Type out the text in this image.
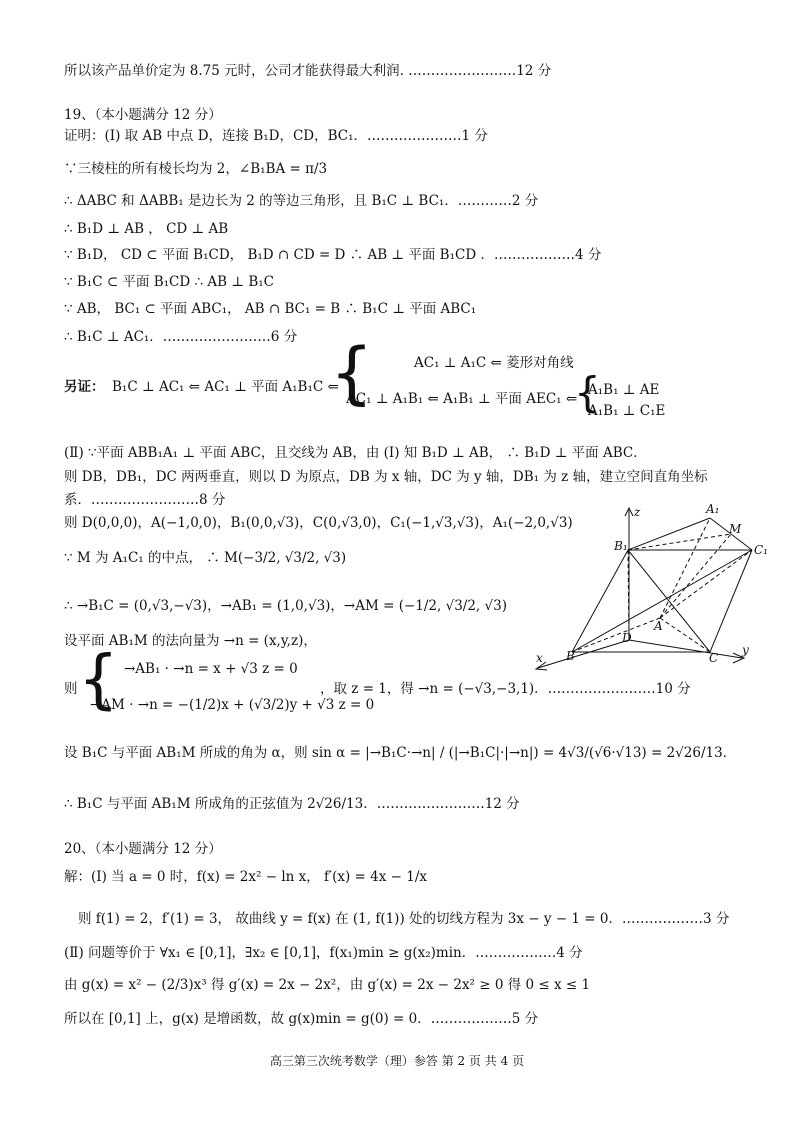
所以该产品单价定为 8.75 元时，公司才能获得最大利润. ……………………12 分
19、（本小题满分 12 分）
证明：(Ⅰ) 取 AB 中点 D，连接 B₁D，CD，BC₁．…………………1 分
∵三棱柱的所有棱长均为 2，∠B₁BA = π/3
∴ ΔABC 和 ΔABB₁ 是边长为 2 的等边三角形，且 B₁C ⊥ BC₁．…………2 分
∴ B₁D ⊥ AB ， CD ⊥ AB
∵ B₁D， CD ⊂ 平面 B₁CD， B₁D ∩ CD = D ∴ AB ⊥ 平面 B₁CD ．………………4 分
∵ B₁C ⊂ 平面 B₁CD ∴ AB ⊥ B₁C
∵ AB， BC₁ ⊂ 平面 ABC₁， AB ∩ BC₁ = B ∴ B₁C ⊥ 平面 ABC₁
∴ B₁C ⊥ AC₁．……………………6 分
另证： B₁C ⊥ AC₁ ⇐ AC₁ ⊥ 平面 A₁B₁C ⇐
{	AC₁ ⊥ A₁C ⇐ 菱形对角线
AC₁ ⊥ A₁B₁ ⇐ A₁B₁ ⊥ 平面 AEC₁ ⇐
{
A₁B₁ ⊥ AE
A₁B₁ ⊥ C₁E
(Ⅱ) ∵平面 ABB₁A₁ ⊥ 平面 ABC，且交线为 AB，由 (Ⅰ) 知 B₁D ⊥ AB， ∴ B₁D ⊥ 平面 ABC．
则 DB，DB₁，DC 两两垂直，则以 D 为原点，DB 为 x 轴，DC 为 y 轴，DB₁ 为 z 轴，建立空间直角坐标
系．……………………8 分
则 D(0,0,0)，A(−1,0,0)，B₁(0,0,√3)，C(0,√3,0)，C₁(−1,√3,√3)，A₁(−2,0,√3)
∵ M 为 A₁C₁ 的中点， ∴ M(−3/2, √3/2, √3)
∴ →B₁C = (0,√3,−√3)，→AB₁ = (1,0,√3)，→AM = (−1/2, √3/2, √3)
设平面 AB₁M 的法向量为 →n = (x,y,z)，
则 { →AB₁ · →n = x + √3 z = 0
→AM · →n = −(1/2)x + (√3/2)y + √3 z = 0
，取 z = 1，得 →n = (−√3,−3,1)．……………………10 分
设 B₁C 与平面 AB₁M 所成的角为 α，则 sin α = |→B₁C·→n| / (|→B₁C|·|→n|) = 4√3/(√6·√13) = 2√26/13．
∴ B₁C 与平面 AB₁M 所成角的正弦值为 2√26/13．……………………12 分
20、（本小题满分 12 分）
解：(Ⅰ) 当 a = 0 时，f(x) = 2x² − ln x， f′(x) = 4x − 1/x
则 f(1) = 2，f′(1) = 3， 故曲线 y = f(x) 在 (1, f(1)) 处的切线方程为 3x − y − 1 = 0．………………3 分
(Ⅱ) 问题等价于 ∀x₁ ∈ [0,1]，∃x₂ ∈ [0,1]，f(x₁)min ≥ g(x₂)min．………………4 分
由 g(x) = x² − (2/3)x³ 得 g′(x) = 2x − 2x²，由 g′(x) = 2x − 2x² ≥ 0 得 0 ≤ x ≤ 1
所以在 [0,1] 上，g(x) 是增函数，故 g(x)min = g(0) = 0．………………5 分
高三第三次统考数学（理）参答 第 2 页 共 4 页
z	A₁
M
B₁	C₁
A
D
B	C
x
y
